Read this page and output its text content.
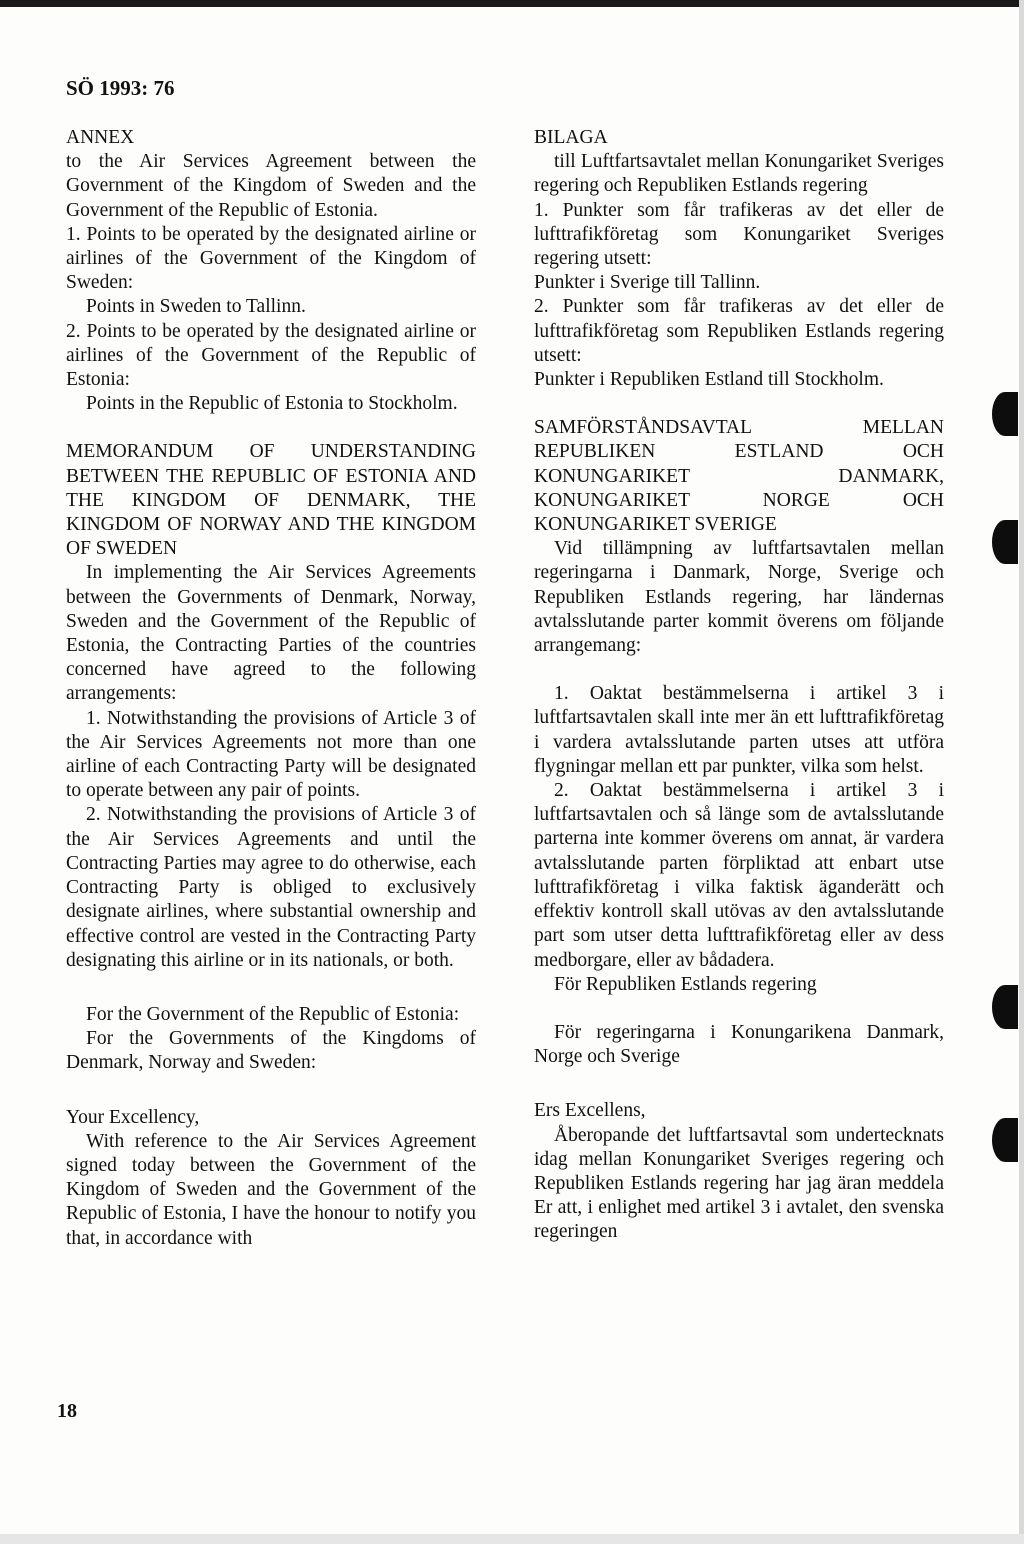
SÖ 1993: 76

ANNEX

to the Air Services Agreement between the Government of the Kingdom of Sweden and the Government of the Republic of Estonia.

1. Points to be operated by the designated airline or airlines of the Government of the Kingdom of Sweden:

Points in Sweden to Tallinn.

2. Points to be operated by the designated airline or airlines of the Government of the Republic of Estonia:

Points in the Republic of Estonia to Stockholm.

MEMORANDUM OF UNDERSTANDING BETWEEN THE REPUBLIC OF ESTONIA AND THE KINGDOM OF DENMARK, THE KINGDOM OF NORWAY AND THE KINGDOM OF SWEDEN

In implementing the Air Services Agreements between the Governments of Denmark, Norway, Sweden and the Government of the Republic of Estonia, the Contracting Parties of the countries concerned have agreed to the following arrangements:

1. Notwithstanding the provisions of Article 3 of the Air Services Agreements not more than one airline of each Contracting Party will be designated to operate between any pair of points.

2. Notwithstanding the provisions of Article 3 of the Air Services Agreements and until the Contracting Parties may agree to do otherwise, each Contracting Party is obliged to exclusively designate airlines, where substantial ownership and effective control are vested in the Contracting Party designating this airline or in its nationals, or both.

For the Government of the Republic of Estonia:

For the Governments of the Kingdoms of Denmark, Norway and Sweden:

Your Excellency,

With reference to the Air Services Agreement signed today between the Government of the Kingdom of Sweden and the Government of the Republic of Estonia, I have the honour to notify you that, in accordance with

BILAGA

till Luftfartsavtalet mellan Konungariket Sveriges regering och Republiken Estlands regering

1. Punkter som får trafikeras av det eller de lufttrafikföretag som Konungariket Sveriges regering utsett:

Punkter i Sverige till Tallinn.

2. Punkter som får trafikeras av det eller de lufttrafikföretag som Republiken Estlands regering utsett:

Punkter i Republiken Estland till Stockholm.

SAMFÖRSTÅNDSAVTAL MELLAN REPUBLIKEN ESTLAND OCH KONUNGARIKET DANMARK, KONUNGARIKET NORGE OCH KONUNGARIKET SVERIGE

Vid tillämpning av luftfartsavtalen mellan regeringarna i Danmark, Norge, Sverige och Republiken Estlands regering, har ländernas avtalsslutande parter kommit överens om följande arrangemang:

1. Oaktat bestämmelserna i artikel 3 i luftfartsavtalen skall inte mer än ett lufttrafikföretag i vardera avtalsslutande parten utses att utföra flygningar mellan ett par punkter, vilka som helst.

2. Oaktat bestämmelserna i artikel 3 i luftfartsavtalen och så länge som de avtalsslutande parterna inte kommer överens om annat, är vardera avtalsslutande parten förpliktad att enbart utse lufttrafikföretag i vilka faktisk äganderätt och effektiv kontroll skall utövas av den avtalsslutande part som utser detta lufttrafikföretag eller av dess medborgare, eller av bådadera.

För Republiken Estlands regering

För regeringarna i Konungarikena Danmark, Norge och Sverige

Ers Excellens,

Åberopande det luftfartsavtal som undertecknats idag mellan Konungariket Sveriges regering och Republiken Estlands regering har jag äran meddela Er att, i enlighet med artikel 3 i avtalet, den svenska regeringen

18
